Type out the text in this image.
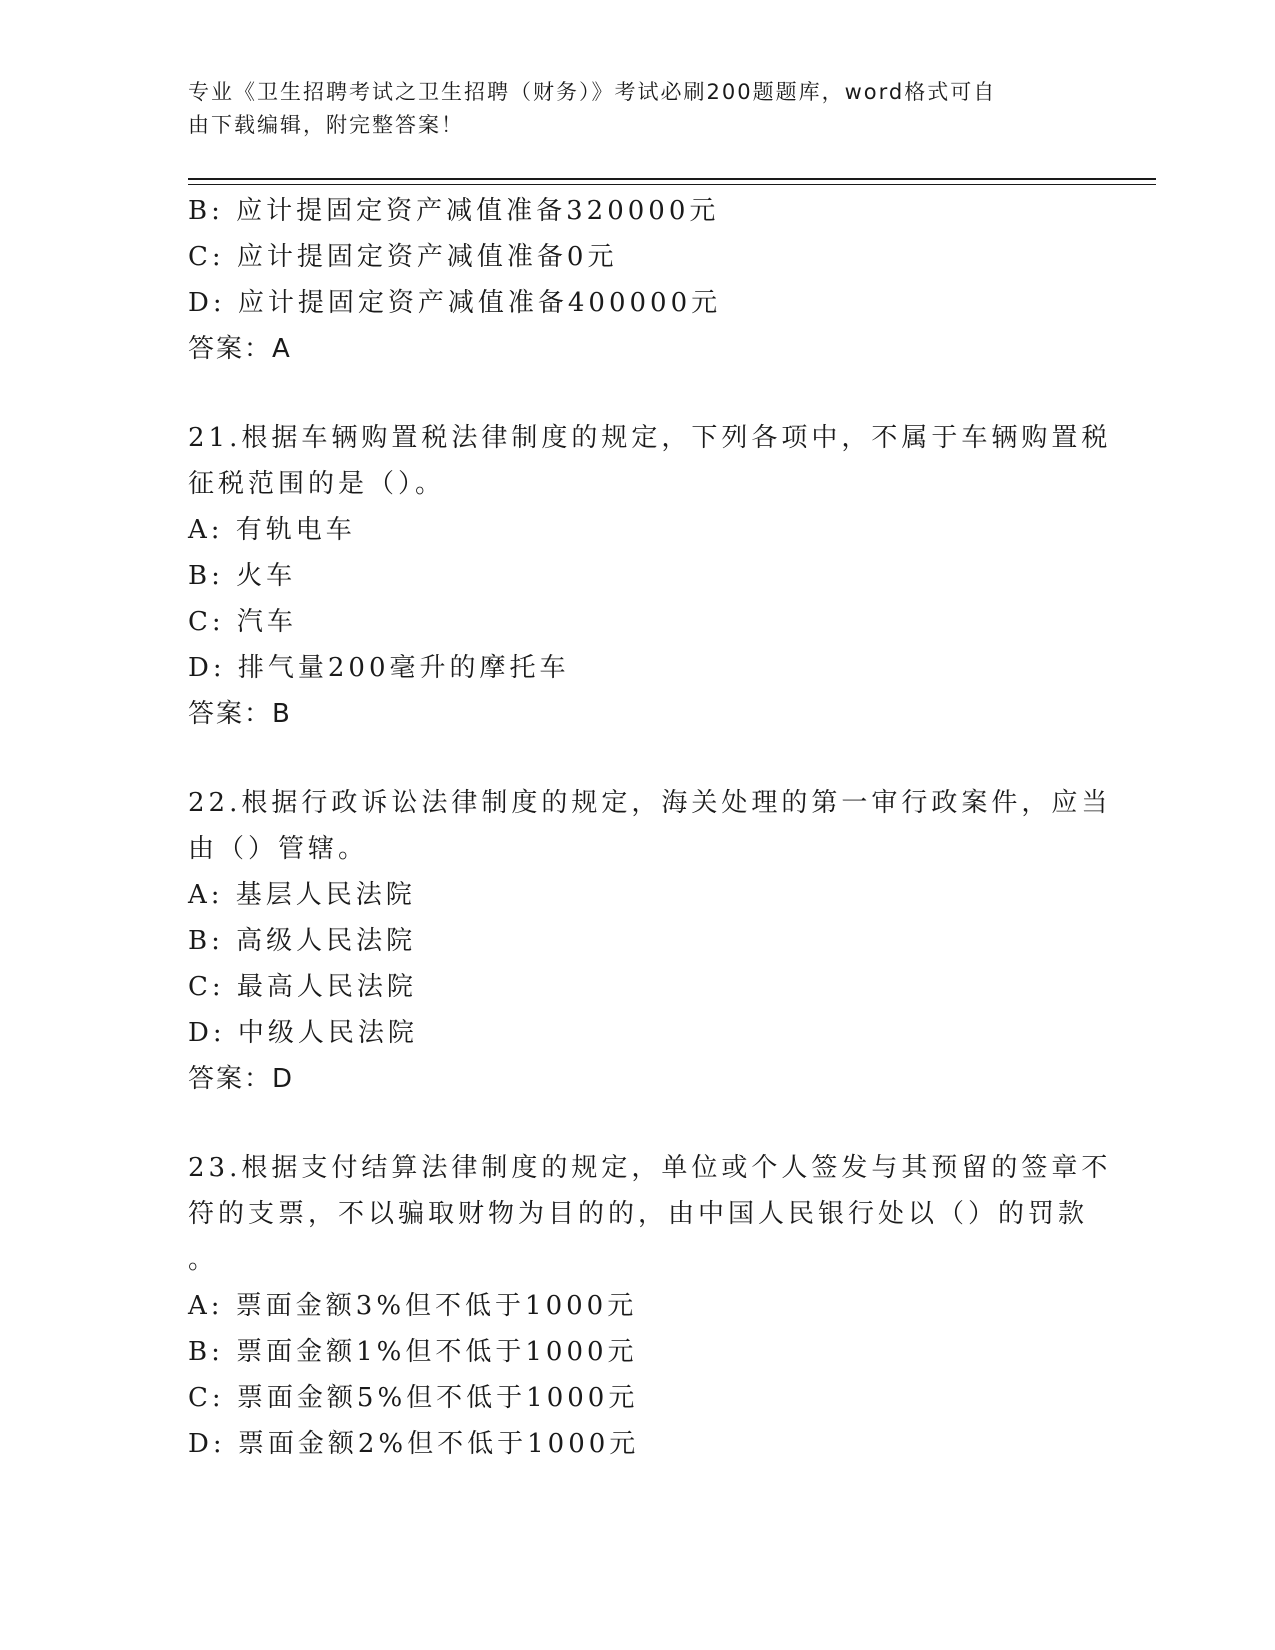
专业《卫生招聘考试之卫生招聘（财务）》考试必刷200题题库，word格式可自
由下载编辑，附完整答案！
B: 应计提固定资产减值准备320000元
C: 应计提固定资产减值准备0元
D: 应计提固定资产减值准备400000元
答案：A
21.根据车辆购置税法律制度的规定，下列各项中，不属于车辆购置税
征税范围的是（）。
A: 有轨电车
B: 火车
C: 汽车
D: 排气量200毫升的摩托车
答案：B
22.根据行政诉讼法律制度的规定，海关处理的第一审行政案件，应当
由（）管辖。
A: 基层人民法院
B: 高级人民法院
C: 最高人民法院
D: 中级人民法院
答案：D
23.根据支付结算法律制度的规定，单位或个人签发与其预留的签章不
符的支票，不以骗取财物为目的的，由中国人民银行处以（）的罚款
。
A: 票面金额3%但不低于1000元
B: 票面金额1%但不低于1000元
C: 票面金额5%但不低于1000元
D: 票面金额2%但不低于1000元
